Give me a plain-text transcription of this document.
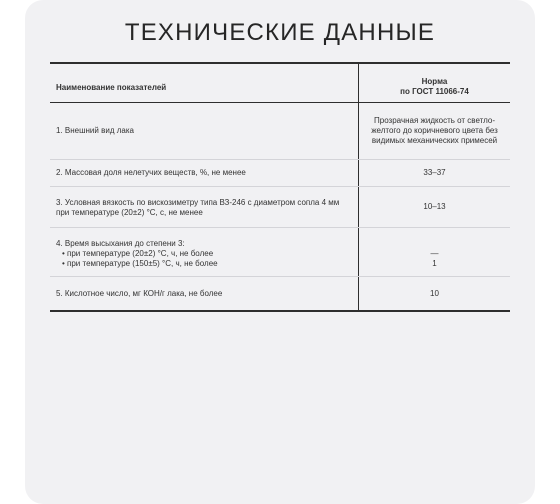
ТЕХНИЧЕСКИЕ ДАННЫЕ
Наименование показателей
Норма
по ГОСТ 11066-74
1. Внешний вид лака
Прозрачная жидкость от светло-
желтого до коричневого цвета без
видимых механических примесей
2. Массовая доля нелетучих веществ, %, не менее	33–37
3. Условная вязкость по вискозиметру типа ВЗ-246 с диаметром сопла 4 мм
при температуре (20±2) °С, с, не менее
10–13
4. Время высыхания до степени 3:
• при температуре (20±2) °С, ч, не более
• при температуре (150±5) °С, ч, не более
—
1
5. Кислотное число, мг КОН/г лака, не более	10
